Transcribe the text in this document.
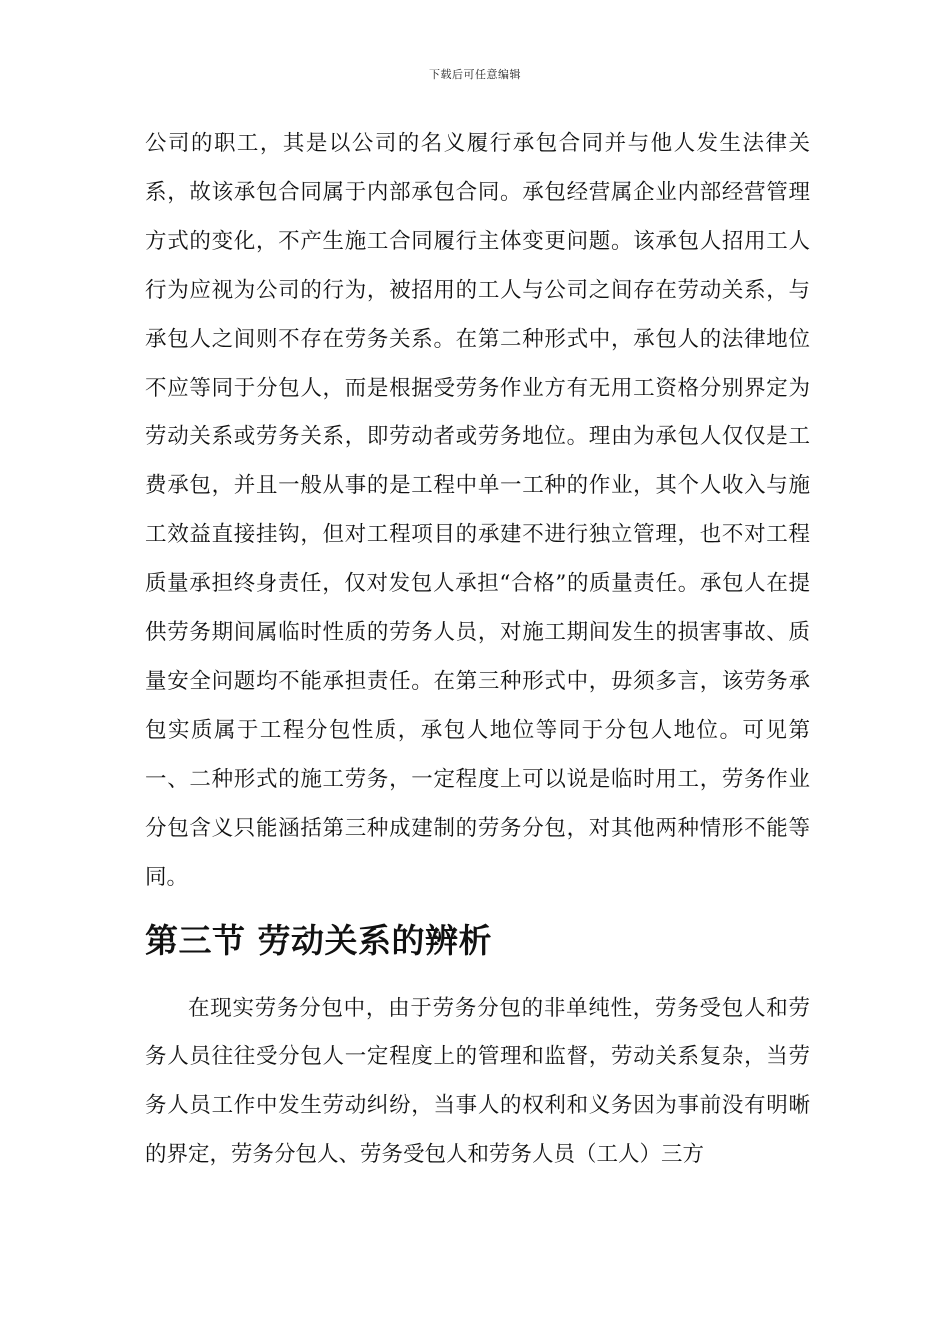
下载后可任意编辑

公司的职工，其是以公司的名义履行承包合同并与他人发生法律关系，故该承包合同属于内部承包合同。承包经营属企业内部经营管理方式的变化，不产生施工合同履行主体变更问题。该承包人招用工人行为应视为公司的行为，被招用的工人与公司之间存在劳动关系，与承包人之间则不存在劳务关系。在第二种形式中，承包人的法律地位不应等同于分包人，而是根据受劳务作业方有无用工资格分别界定为劳动关系或劳务关系，即劳动者或劳务地位。理由为承包人仅仅是工费承包，并且一般从事的是工程中单一工种的作业，其个人收入与施工效益直接挂钩，但对工程项目的承建不进行独立管理，也不对工程质量承担终身责任，仅对发包人承担“合格”的质量责任。承包人在提供劳务期间属临时性质的劳务人员，对施工期间发生的损害事故、质量安全问题均不能承担责任。在第三种形式中，毋须多言，该劳务承包实质属于工程分包性质，承包人地位等同于分包人地位。可见第一、二种形式的施工劳务，一定程度上可以说是临时用工，劳务作业分包含义只能涵括第三种成建制的劳务分包，对其他两种情形不能等同。

第三节 劳动关系的辨析

在现实劳务分包中，由于劳务分包的非单纯性，劳务受包人和劳务人员往往受分包人一定程度上的管理和监督，劳动关系复杂，当劳务人员工作中发生劳动纠纷，当事人的权利和义务因为事前没有明晰的界定，劳务分包人、劳务受包人和劳务人员（工人）三方
